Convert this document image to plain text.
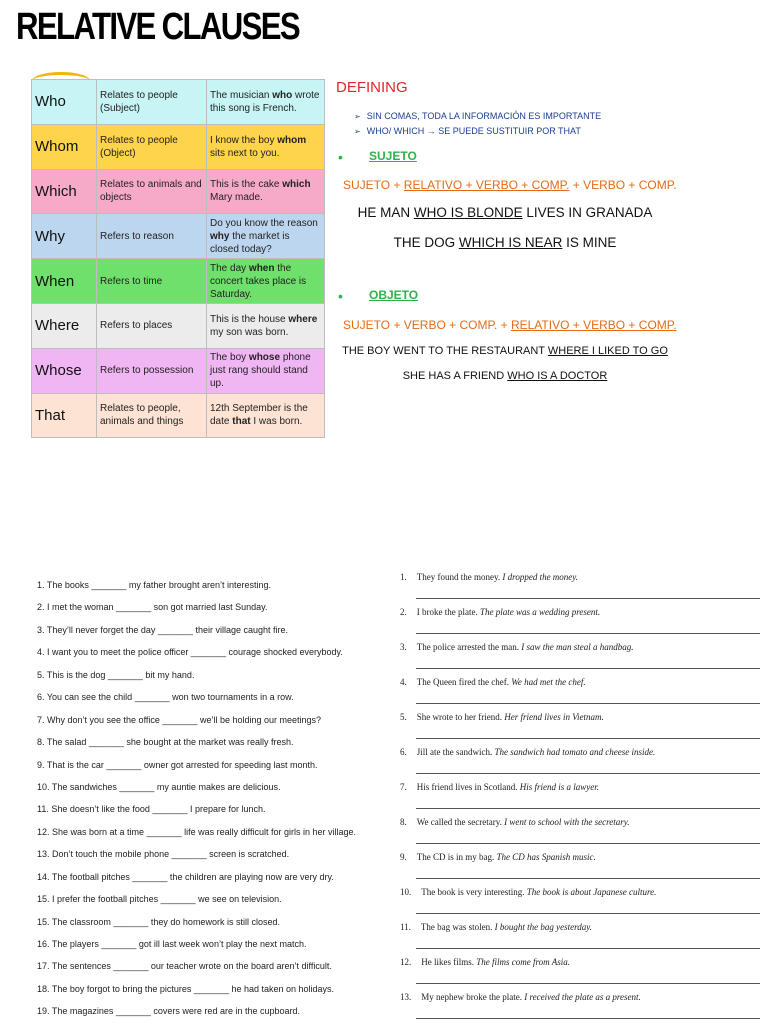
RELATIVE CLAUSES
Who	Relates to people (Subject)	The musician who wrote this song is French.
Whom	Relates to people (Object)	I know the boy whom sits next to you.
Which	Relates to animals and objects	This is the cake which Mary made.
Why	Refers to reason	Do you know the reason why the market is closed today?
When	Refers to time	The day when the concert takes place is Saturday.
Where	Refers to places	This is the house where my son was born.
Whose	Refers to possession	The boy whose phone just rang should stand up.
That	Relates to people, animals and things	12th September is the date that I was born.
DEFINING
➢ SIN COMAS, TODA LA INFORMACIÓN ES IMPORTANTE
➢ WHO/ WHICH → SE PUEDE SUSTITUIR POR THAT
• SUJETO
SUJETO + RELATIVO + VERBO + COMP. + VERBO + COMP.
HE MAN WHO IS BLONDE LIVES IN GRANADA
THE DOG WHICH IS NEAR IS MINE
• OBJETO
SUJETO + VERBO + COMP. + RELATIVO + VERBO + COMP.
THE BOY WENT TO THE RESTAURANT WHERE I LIKED TO GO
SHE HAS A FRIEND WHO IS A DOCTOR
1. The books _______ my father brought aren’t interesting.
2. I met the woman _______ son got married last Sunday.
3. They’ll never forget the day _______ their village caught fire.
4. I want you to meet the police officer _______ courage shocked everybody.
5. This is the dog _______ bit my hand.
6. You can see the child _______ won two tournaments in a row.
7. Why don’t you see the office _______ we’ll be holding our meetings?
8. The salad _______ she bought at the market was really fresh.
9. That is the car _______ owner got arrested for speeding last month.
10. The sandwiches _______ my auntie makes are delicious.
11. She doesn’t like the food _______ I prepare for lunch.
12. She was born at a time _______ life was really difficult for girls in her village.
13. Don’t touch the mobile phone _______ screen is scratched.
14. The football pitches _______ the children are playing now are very dry.
15. I prefer the football pitches _______ we see on television.
15. The classroom _______ they do homework is still closed.
16. The players _______ got ill last week won’t play the next match.
17. The sentences _______ our teacher wrote on the board aren’t difficult.
18. The boy forgot to bring the pictures _______ he had taken on holidays.
19. The magazines _______ covers were red are in the cupboard.
1. They found the money. I dropped the money.
2. I broke the plate. The plate was a wedding present.
3. The police arrested the man. I saw the man steal a handbag.
4. The Queen fired the chef. We had met the chef.
5. She wrote to her friend. Her friend lives in Vietnam.
6. Jill ate the sandwich. The sandwich had tomato and cheese inside.
7. His friend lives in Scotland. His friend is a lawyer.
8. We called the secretary. I went to school with the secretary.
9. The CD is in my bag. The CD has Spanish music.
10. The book is very interesting. The book is about Japanese culture.
11. The bag was stolen. I bought the bag yesterday.
12. He likes films. The films come from Asia.
13. My nephew broke the plate. I received the plate as a present.
